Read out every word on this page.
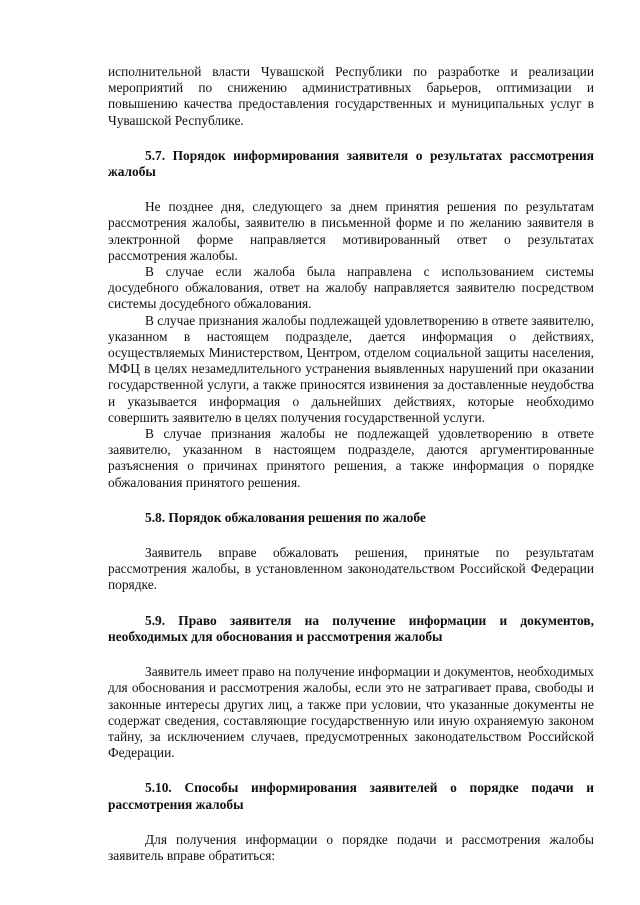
исполнительной власти Чувашской Республики по разработке и реализации мероприятий по снижению административных барьеров, оптимизации и повышению качества предоставления государственных и муниципальных услуг в Чувашской Республике.

5.7. Порядок информирования заявителя о результатах рассмотрения жалобы

Не позднее дня, следующего за днем принятия решения по результатам рассмотрения жалобы, заявителю в письменной форме и по желанию заявителя в электронной форме направляется мотивированный ответ о результатах рассмотрения жалобы.

В случае если жалоба была направлена с использованием системы досудебного обжалования, ответ на жалобу направляется заявителю посредством системы досудебного обжалования.

В случае признания жалобы подлежащей удовлетворению в ответе заявителю, указанном в настоящем подразделе, дается информация о действиях, осуществляемых Министерством, Центром, отделом социальной защиты населения, МФЦ в целях незамедлительного устранения выявленных нарушений при оказании государственной услуги, а также приносятся извинения за доставленные неудобства и указывается информация о дальнейших действиях, которые необходимо совершить заявителю в целях получения государственной услуги.

В случае признания жалобы не подлежащей удовлетворению в ответе заявителю, указанном в настоящем подразделе, даются аргументированные разъяснения о причинах принятого решения, а также информация о порядке обжалования принятого решения.

5.8. Порядок обжалования решения по жалобе

Заявитель вправе обжаловать решения, принятые по результатам рассмотрения жалобы, в установленном законодательством Российской Федерации порядке.

5.9. Право заявителя на получение информации и документов, необходимых для обоснования и рассмотрения жалобы

Заявитель имеет право на получение информации и документов, необходимых для обоснования и рассмотрения жалобы, если это не затрагивает права, свободы и законные интересы других лиц, а также при условии, что указанные документы не содержат сведения, составляющие государственную или иную охраняемую законом тайну, за исключением случаев, предусмотренных законодательством Российской Федерации.

5.10. Способы информирования заявителей о порядке подачи и рассмотрения жалобы

Для получения информации о порядке подачи и рассмотрения жалобы заявитель вправе обратиться:
